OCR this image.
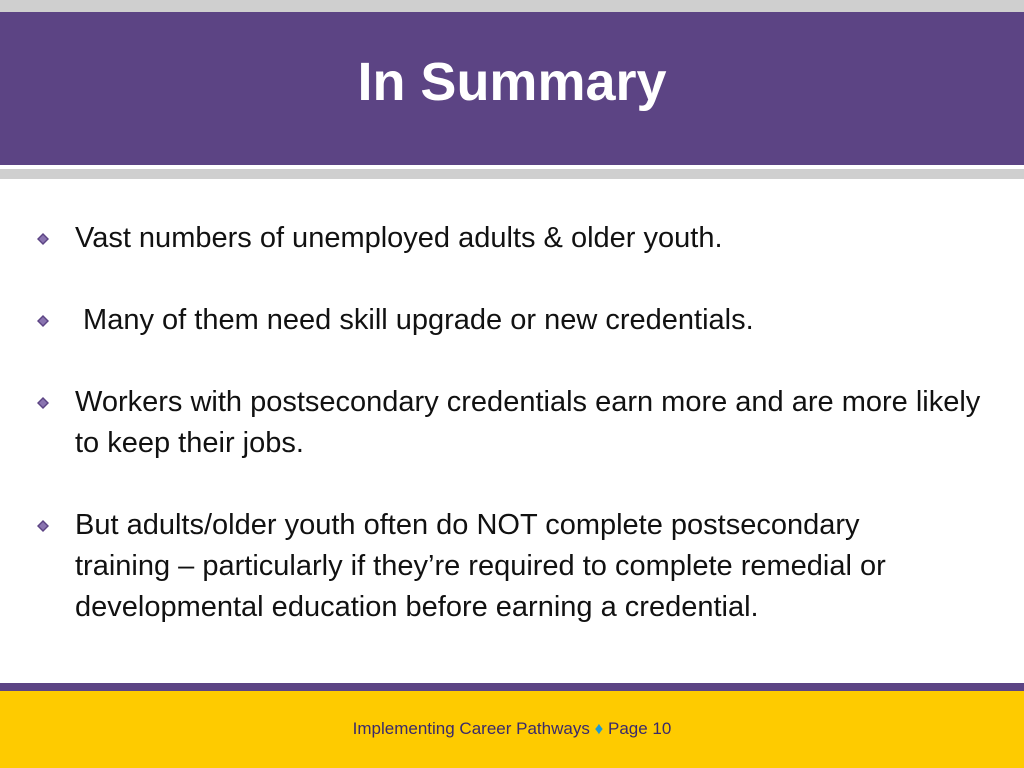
In Summary

Vast numbers of unemployed adults & older youth.

Many of them need skill upgrade or new credentials.

Workers with postsecondary credentials earn more and are more likely to keep their jobs.

But adults/older youth often do NOT complete postsecondary training – particularly if they’re required to complete remedial or developmental education before earning a credential.

Implementing Career Pathways ♦ Page 10
